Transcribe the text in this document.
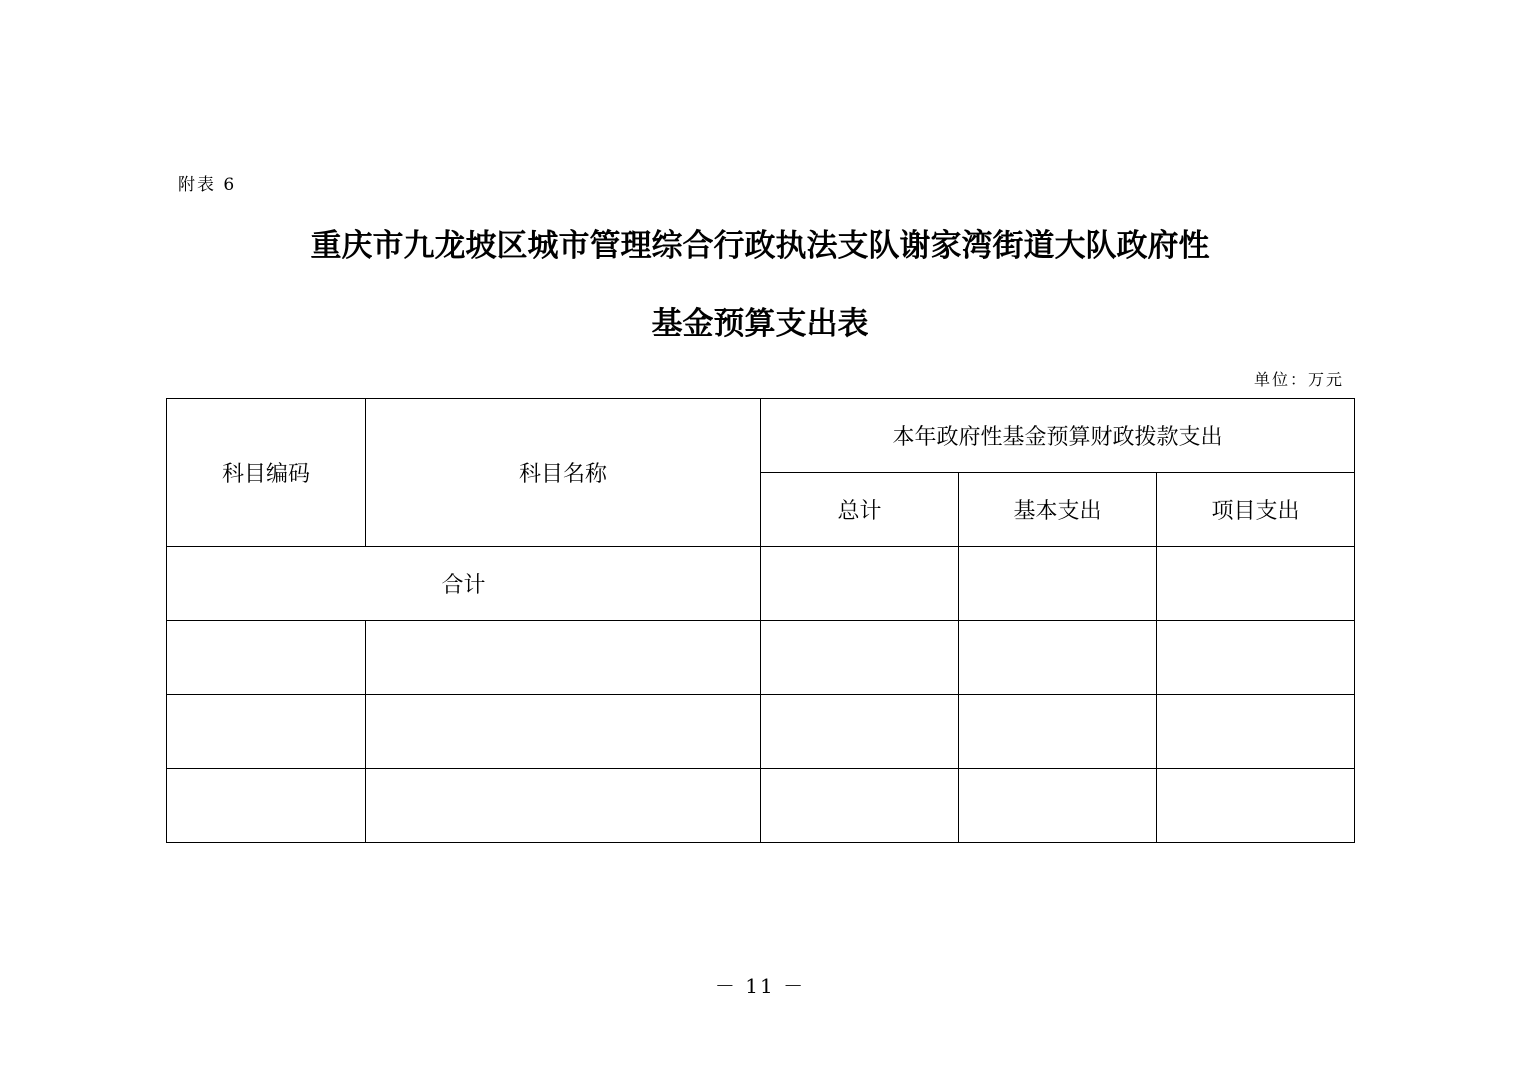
附表 6
重庆市九龙坡区城市管理综合行政执法支队谢家湾街道大队政府性
基金预算支出表
单位：万元
科目编码	科目名称	本年政府性基金预算财政拨款支出		
		总计	基本支出	项目支出
合计				

－ 11 －
